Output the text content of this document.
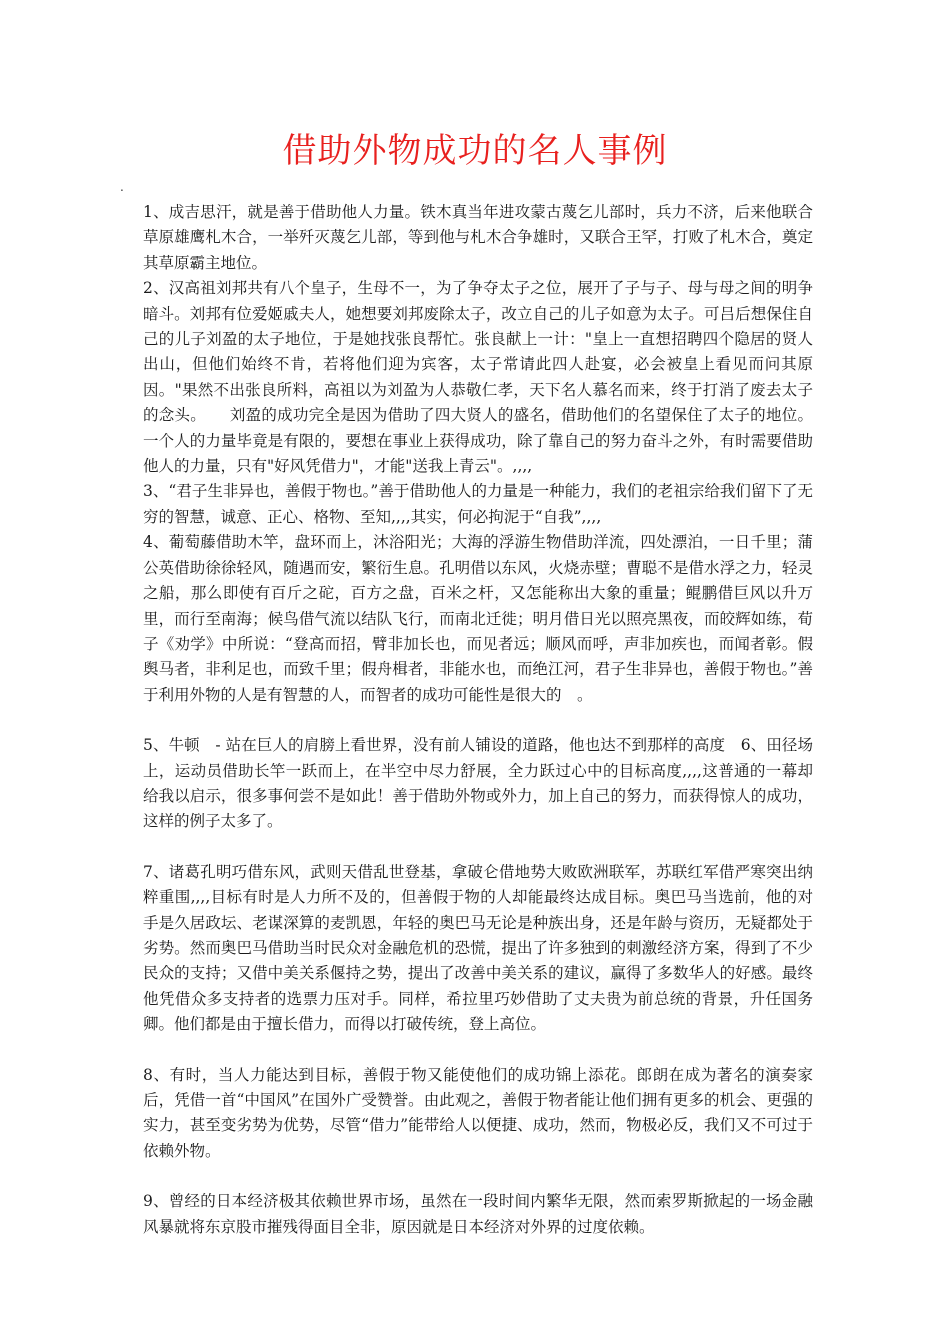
借助外物成功的名人事例
.

1、成吉思汗，就是善于借助他人力量。铁木真当年进攻蒙古蔑乞儿部时，兵力不济，后来他联合草原雄鹰札木合，一举歼灭蔑乞儿部，等到他与札木合争雄时，又联合王罕，打败了札木合，奠定其草原霸主地位。

2、汉高祖刘邦共有八个皇子，生母不一，为了争夺太子之位，展开了子与子、母与母之间的明争暗斗。刘邦有位爱姬戚夫人，她想要刘邦废除太子，改立自己的儿子如意为太子。可吕后想保住自己的儿子刘盈的太子地位，于是她找张良帮忙。张良献上一计："皇上一直想招聘四个隐居的贤人出山，但他们始终不肯，若将他们迎为宾客，太子常请此四人赴宴，必会被皇上看见而问其原因。"果然不出张良所料，高祖以为刘盈为人恭敬仁孝，天下名人慕名而来，终于打消了废去太子的念头。　　刘盈的成功完全是因为借助了四大贤人的盛名，借助他们的名望保住了太子的地位。一个人的力量毕竟是有限的，要想在事业上获得成功，除了靠自己的努力奋斗之外，有时需要借助他人的力量，只有"好风凭借力"，才能"送我上青云"。,,,,

3、“君子生非异也，善假于物也。”善于借助他人的力量是一种能力，我们的老祖宗给我们留下了无穷的智慧，诚意、正心、格物、至知,,,,其实，何必拘泥于“自我”,,,,

4、葡萄藤借助木竿，盘环而上，沐浴阳光；大海的浮游生物借助洋流，四处漂泊，一日千里；蒲公英借助徐徐轻风，随遇而安，繁衍生息。孔明借以东风，火烧赤壁；曹聪不是借水浮之力，轻灵之船，那么即使有百斤之砣，百方之盘，百米之杆，又怎能称出大象的重量；鲲鹏借巨风以升万里，而行至南海；候鸟借气流以结队飞行，而南北迁徙；明月借日光以照亮黑夜，而皎辉如练，荀子《劝学》中所说：“登高而招，臂非加长也，而见者远；顺风而呼，声非加疾也，而闻者彰。假舆马者，非利足也，而致千里；假舟楫者，非能水也，而绝江河，君子生非异也，善假于物也。”善于利用外物的人是有智慧的人，而智者的成功可能性是很大的　。

5、牛顿　- 站在巨人的肩膀上看世界，没有前人铺设的道路，他也达不到那样的高度　6、田径场上，运动员借助长竿一跃而上，在半空中尽力舒展，全力跃过心中的目标高度,,,,这普通的一幕却给我以启示，很多事何尝不是如此！善于借助外物或外力，加上自己的努力，而获得惊人的成功，这样的例子太多了。

7、诸葛孔明巧借东风，武则天借乱世登基，拿破仑借地势大败欧洲联军，苏联红军借严寒突出纳粹重围,,,,目标有时是人力所不及的，但善假于物的人却能最终达成目标。奥巴马当选前，他的对手是久居政坛、老谋深算的麦凯恩，年轻的奥巴马无论是种族出身，还是年龄与资历，无疑都处于劣势。然而奥巴马借助当时民众对金融危机的恐慌，提出了许多独到的刺激经济方案，得到了不少民众的支持；又借中美关系偃持之势，提出了改善中美关系的建议，赢得了多数华人的好感。最终他凭借众多支持者的选票力压对手。同样，希拉里巧妙借助了丈夫贵为前总统的背景，升任国务卿。他们都是由于擅长借力，而得以打破传统，登上高位。

8、有时，当人力能达到目标，善假于物又能使他们的成功锦上添花。郎朗在成为著名的演奏家后，凭借一首“中国风”在国外广受赞誉。由此观之，善假于物者能让他们拥有更多的机会、更强的实力，甚至变劣势为优势，尽管“借力”能带给人以便捷、成功，然而，物极必反，我们又不可过于依赖外物。

9、曾经的日本经济极其依赖世界市场，虽然在一段时间内繁华无限，然而索罗斯掀起的一场金融风暴就将东京股市摧残得面目全非，原因就是日本经济对外界的过度依赖。
